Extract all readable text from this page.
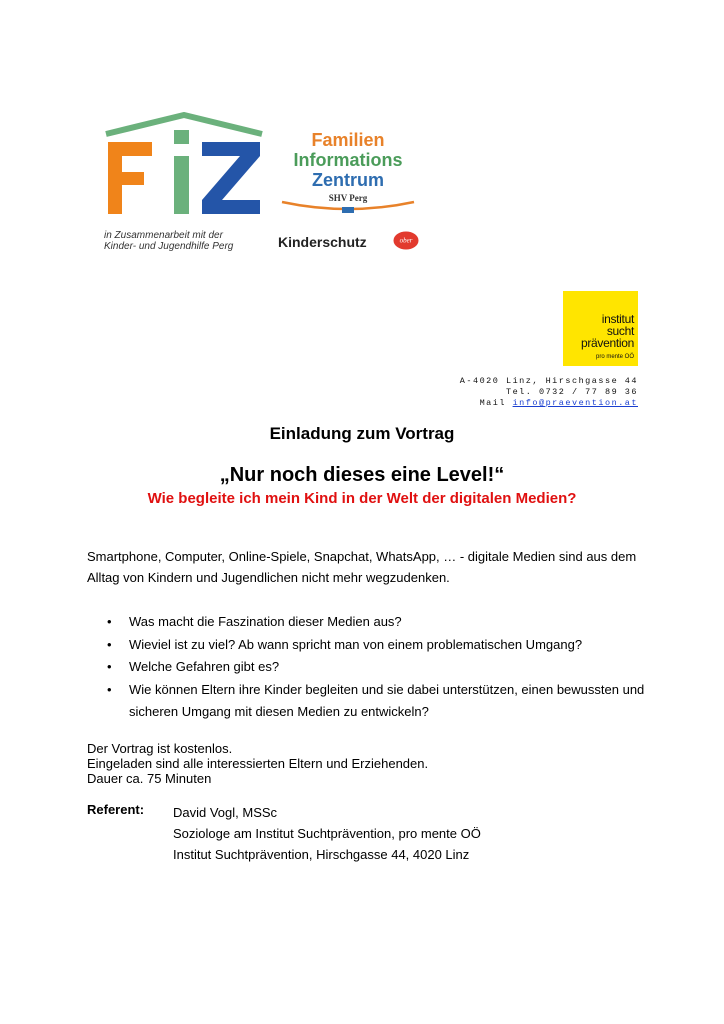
in Zusammenarbeit mit der
Kinder- und Jugendhilfe Perg
Familien
Informations
Zentrum
SHV Perg
Kinderschutz	ober
institut
sucht
prävention
pro mente OÖ
A-4020 Linz, Hirschgasse 44
Tel. 0732 / 77 89 36
Mail info@praevention.at
Einladung zum Vortrag
„Nur noch dieses eine Level!“
Wie begleite ich mein Kind in der Welt der digitalen Medien?
Smartphone, Computer, Online-Spiele, Snapchat, WhatsApp, … - digitale Medien sind aus dem Alltag von Kindern und Jugendlichen nicht mehr wegzudenken.
• Was macht die Faszination dieser Medien aus?
• Wieviel ist zu viel? Ab wann spricht man von einem problematischen Umgang?
• Welche Gefahren gibt es?
• Wie können Eltern ihre Kinder begleiten und sie dabei unterstützen, einen bewussten und sicheren Umgang mit diesen Medien zu entwickeln?
Der Vortrag ist kostenlos.
Eingeladen sind alle interessierten Eltern und Erziehenden.
Dauer ca. 75 Minuten
Referent: David Vogl, MSSc
Soziologe am Institut Suchtprävention, pro mente OÖ
Institut Suchtprävention, Hirschgasse 44, 4020 Linz
